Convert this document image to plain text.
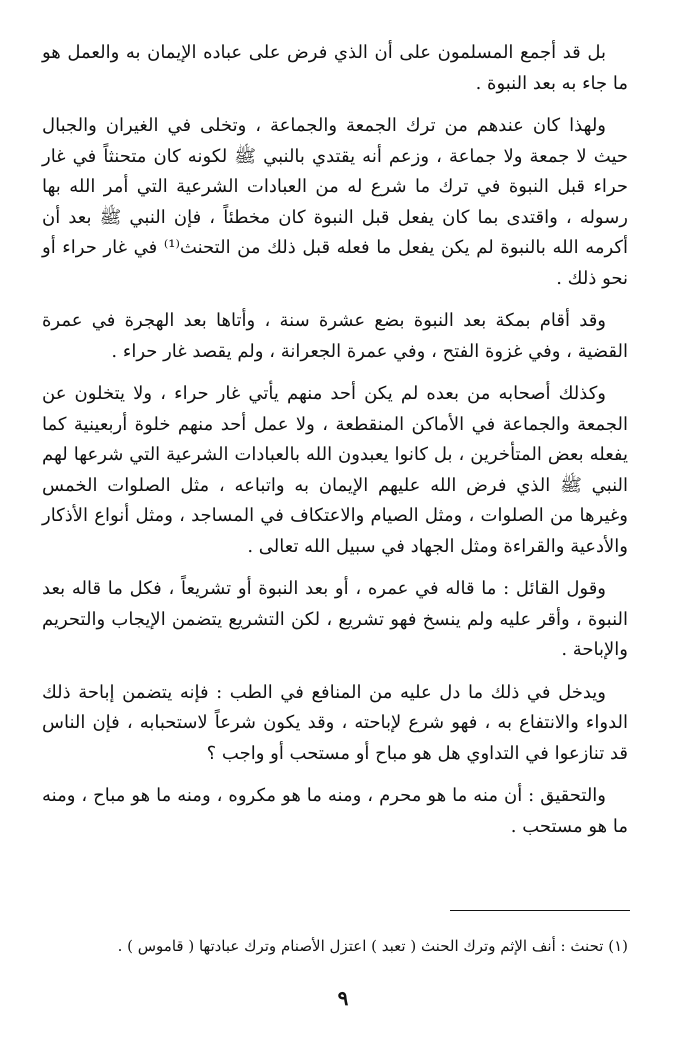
بل قد أجمع المسلمون على أن الذي فرض على عباده الإيمان به والعمل هو ما جاء به بعد النبوة .

ولهذا كان عندهم من ترك الجمعة والجماعة ، وتخلى في الغيران والجبال حيث لا جمعة ولا جماعة ، وزعم أنه يقتدي بالنبي ﷺ لكونه كان متحنثاً في غار حراء قبل النبوة في ترك ما شرع له من العبادات الشرعية التي أمر الله بها رسوله ، واقتدى بما كان يفعل قبل النبوة كان مخطئاً ، فإن النبي ﷺ بعد أن أكرمه الله بالنبوة لم يكن يفعل ما فعله قبل ذلك من التحنث⁽¹⁾ في غار حراء أو نحو ذلك .

وقد أقام بمكة بعد النبوة بضع عشرة سنة ، وأتاها بعد الهجرة في عمرة القضية ، وفي غزوة الفتح ، وفي عمرة الجعرانة ، ولم يقصد غار حراء .

وكذلك أصحابه من بعده لم يكن أحد منهم يأتي غار حراء ، ولا يتخلون عن الجمعة والجماعة في الأماكن المنقطعة ، ولا عمل أحد منهم خلوة أربعينية كما يفعله بعض المتأخرين ، بل كانوا يعبدون الله بالعبادات الشرعية التي شرعها لهم النبي ﷺ الذي فرض الله عليهم الإيمان به واتباعه ، مثل الصلوات الخمس وغيرها من الصلوات ، ومثل الصيام والاعتكاف في المساجد ، ومثل أنواع الأذكار والأدعية والقراءة ومثل الجهاد في سبيل الله تعالى .

وقول القائل : ما قاله في عمره ، أو بعد النبوة أو تشريعاً ، فكل ما قاله بعد النبوة ، وأقر عليه ولم ينسخ فهو تشريع ، لكن التشريع يتضمن الإيجاب والتحريم والإباحة .

ويدخل في ذلك ما دل عليه من المنافع في الطب : فإنه يتضمن إباحة ذلك الدواء والانتفاع به ، فهو شرع لإباحته ، وقد يكون شرعاً لاستحبابه ، فإن الناس قد تنازعوا في التداوي هل هو مباح أو مستحب أو واجب ؟

والتحقيق : أن منه ما هو محرم ، ومنه ما هو مكروه ، ومنه ما هو مباح ، ومنه ما هو مستحب .

(١) تحنث : أنف الإثم وترك الحنث ( تعبد ) اعتزل الأصنام وترك عبادتها ( قاموس ) .
٩
